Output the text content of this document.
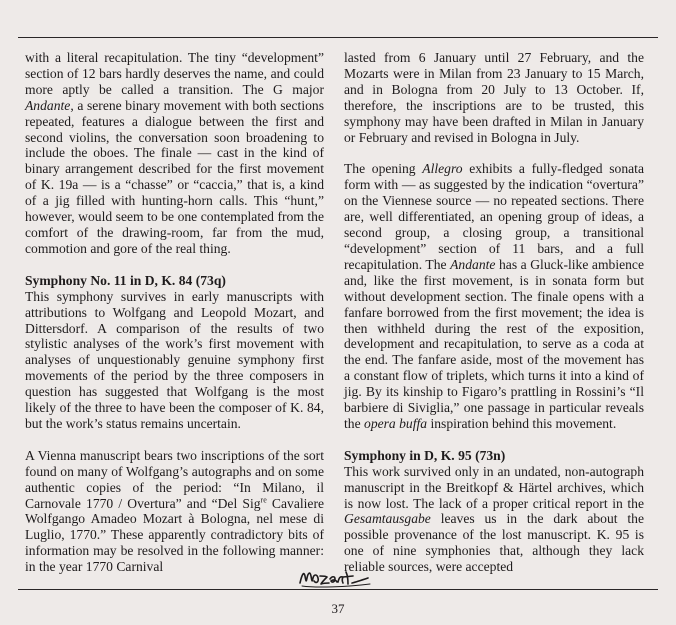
with a literal recapitulation. The tiny “development” section of 12 bars hardly deserves the name, and could more aptly be called a transition. The G major Andante, a serene binary movement with both sections repeated, features a dialogue between the first and second violins, the conversation soon broadening to include the oboes. The finale — cast in the kind of binary arrangement described for the first movement of K. 19a — is a “chasse” or “caccia,” that is, a kind of a jig filled with hunting-horn calls. This “hunt,” however, would seem to be one contemplated from the comfort of the drawing-room, far from the mud, commotion and gore of the real thing.

Symphony No. 11 in D, K. 84 (73q)

This symphony survives in early manuscripts with attributions to Wolfgang and Leopold Mozart, and Dittersdorf. A comparison of the results of two stylistic analyses of the work’s first movement with analyses of unquestionably genuine symphony first movements of the period by the three composers in question has suggested that Wolfgang is the most likely of the three to have been the composer of K. 84, but the work’s status remains uncertain.

A Vienna manuscript bears two inscriptions of the sort found on many of Wolfgang’s autographs and on some authentic copies of the period: “In Milano, il Carnovale 1770 / Overtura” and “Del Sig$^{re}$ Cavaliere Wolfgango Amadeo Mozart à Bologna, nel mese di Luglio, 1770.” These apparently contradictory bits of information may be resolved in the following manner: in the year 1770 Carnival

lasted from 6 January until 27 February, and the Mozarts were in Milan from 23 January to 15 March, and in Bologna from 20 July to 13 October. If, therefore, the inscriptions are to be trusted, this symphony may have been drafted in Milan in January or February and revised in Bologna in July.

The opening Allegro exhibits a fully-fledged sonata form with — as suggested by the indication “overtura” on the Viennese source — no repeated sections. There are, well differentiated, an opening group of ideas, a second group, a closing group, a transitional “development” section of 11 bars, and a full recapitulation. The Andante has a Gluck-like ambience and, like the first movement, is in sonata form but without development section. The finale opens with a fanfare borrowed from the first movement; the idea is then withheld during the rest of the exposition, development and recapitulation, to serve as a coda at the end. The fanfare aside, most of the movement has a constant flow of triplets, which turns it into a kind of jig. By its kinship to Figaro’s prattling in Rossini’s “Il barbiere di Siviglia,” one passage in particular reveals the opera buffa inspiration behind this movement.

Symphony in D, K. 95 (73n)

This work survived only in an undated, non-autograph manuscript in the Breitkopf & Härtel archives, which is now lost. The lack of a proper critical report in the Gesamtausgabe leaves us in the dark about the possible provenance of the lost manuscript. K. 95 is one of nine symphonies that, although they lack reliable sources, were accepted

37
